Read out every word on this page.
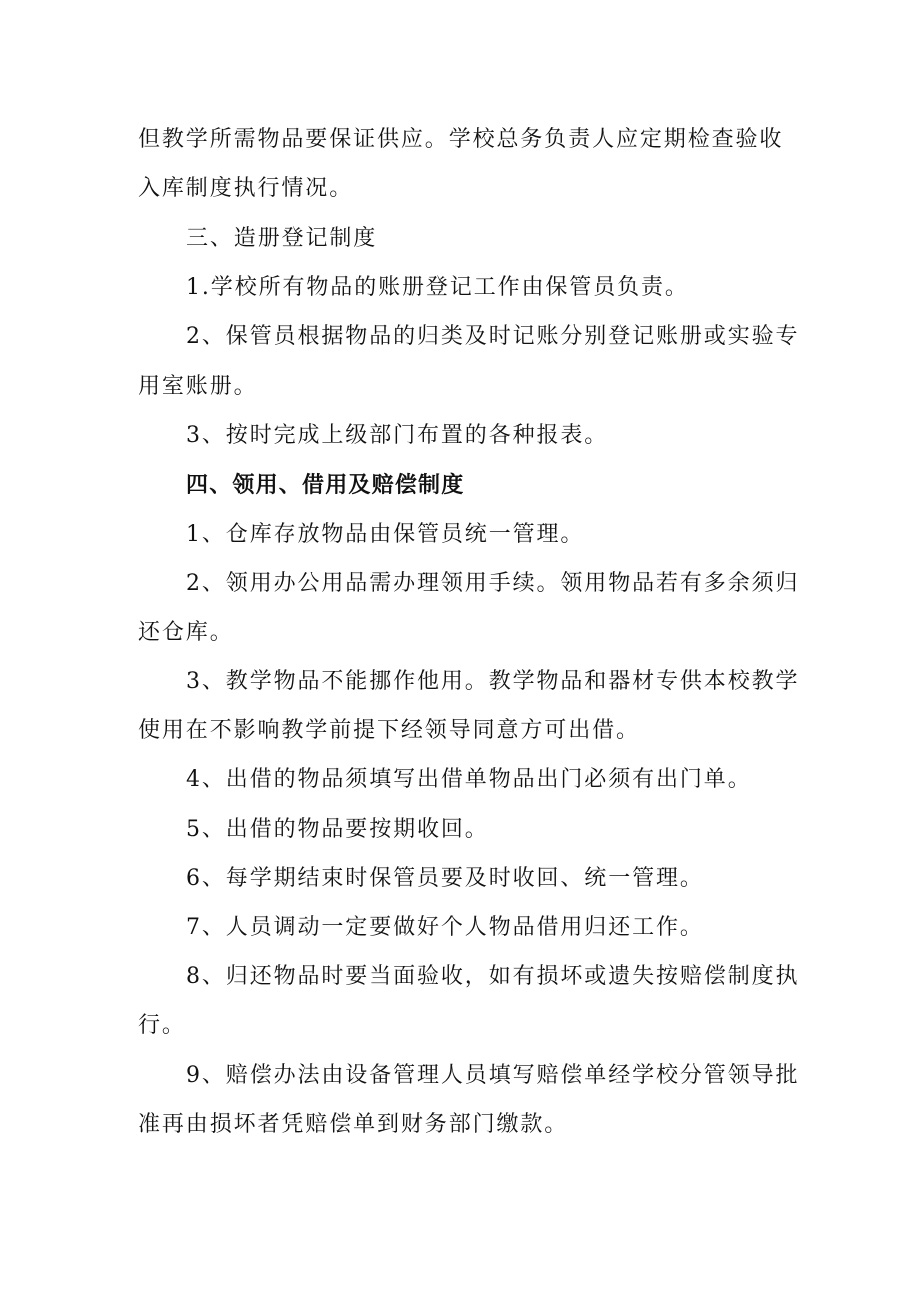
但教学所需物品要保证供应。学校总务负责人应定期检查验收
入库制度执行情况。
三、造册登记制度
1.学校所有物品的账册登记工作由保管员负责。
2、保管员根据物品的归类及时记账分别登记账册或实验专
用室账册。
3、按时完成上级部门布置的各种报表。
四、领用、借用及赔偿制度
1、仓库存放物品由保管员统一管理。
2、领用办公用品需办理领用手续。领用物品若有多余须归
还仓库。
3、教学物品不能挪作他用。教学物品和器材专供本校教学
使用在不影响教学前提下经领导同意方可出借。
4、出借的物品须填写出借单物品出门必须有出门单。
5、出借的物品要按期收回。
6、每学期结束时保管员要及时收回、统一管理。
7、人员调动一定要做好个人物品借用归还工作。
8、归还物品时要当面验收，如有损坏或遗失按赔偿制度执
行。
9、赔偿办法由设备管理人员填写赔偿单经学校分管领导批
准再由损坏者凭赔偿单到财务部门缴款。
